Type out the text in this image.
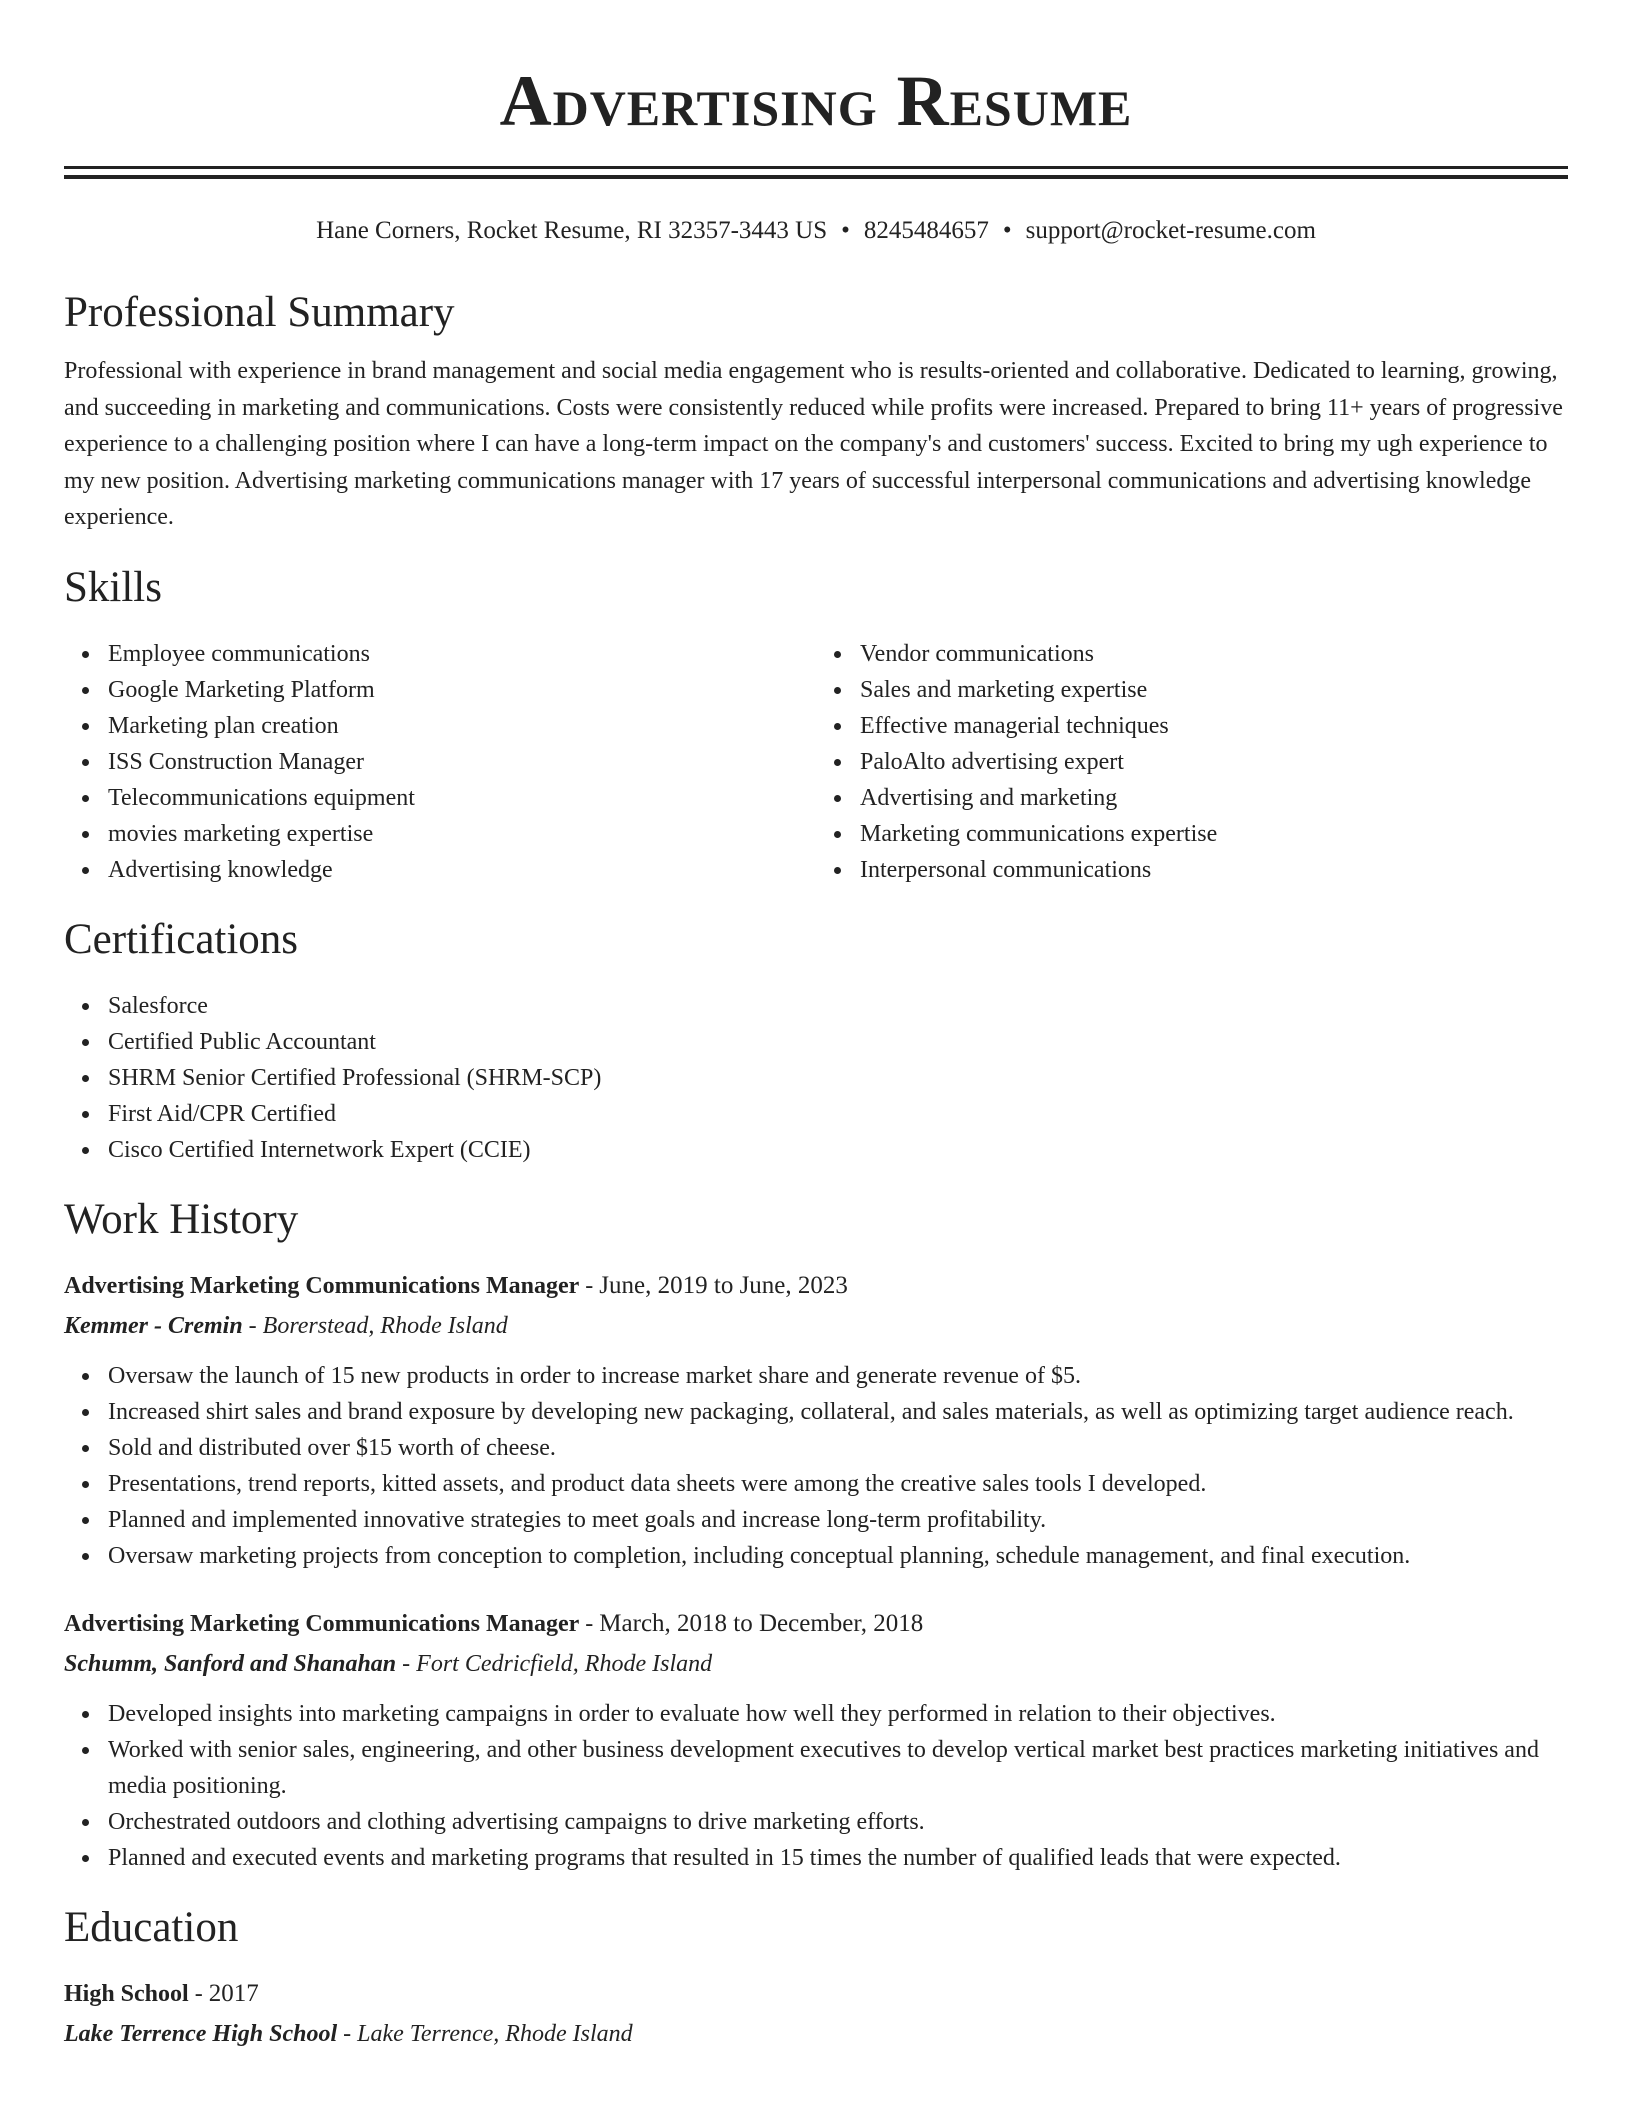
Advertising Resume
Hane Corners, Rocket Resume, RI 32357-3443 US • 8245484657 • support@rocket-resume.com
Professional Summary
Professional with experience in brand management and social media engagement who is results-oriented and collaborative. Dedicated to learning, growing, and succeeding in marketing and communications. Costs were consistently reduced while profits were increased. Prepared to bring 11+ years of progressive experience to a challenging position where I can have a long-term impact on the company's and customers' success. Excited to bring my ugh experience to my new position. Advertising marketing communications manager with 17 years of successful interpersonal communications and advertising knowledge experience.
Skills
Employee communications
Google Marketing Platform
Marketing plan creation
ISS Construction Manager
Telecommunications equipment
movies marketing expertise
Advertising knowledge
Vendor communications
Sales and marketing expertise
Effective managerial techniques
PaloAlto advertising expert
Advertising and marketing
Marketing communications expertise
Interpersonal communications
Certifications
Salesforce
Certified Public Accountant
SHRM Senior Certified Professional (SHRM-SCP)
First Aid/CPR Certified
Cisco Certified Internetwork Expert (CCIE)
Work History
Advertising Marketing Communications Manager - June, 2019 to June, 2023
Kemmer - Cremin - Borerstead, Rhode Island
Oversaw the launch of 15 new products in order to increase market share and generate revenue of $5.
Increased shirt sales and brand exposure by developing new packaging, collateral, and sales materials, as well as optimizing target audience reach.
Sold and distributed over $15 worth of cheese.
Presentations, trend reports, kitted assets, and product data sheets were among the creative sales tools I developed.
Planned and implemented innovative strategies to meet goals and increase long-term profitability.
Oversaw marketing projects from conception to completion, including conceptual planning, schedule management, and final execution.
Advertising Marketing Communications Manager - March, 2018 to December, 2018
Schumm, Sanford and Shanahan - Fort Cedricfield, Rhode Island
Developed insights into marketing campaigns in order to evaluate how well they performed in relation to their objectives.
Worked with senior sales, engineering, and other business development executives to develop vertical market best practices marketing initiatives and media positioning.
Orchestrated outdoors and clothing advertising campaigns to drive marketing efforts.
Planned and executed events and marketing programs that resulted in 15 times the number of qualified leads that were expected.
Education
High School - 2017
Lake Terrence High School - Lake Terrence, Rhode Island
